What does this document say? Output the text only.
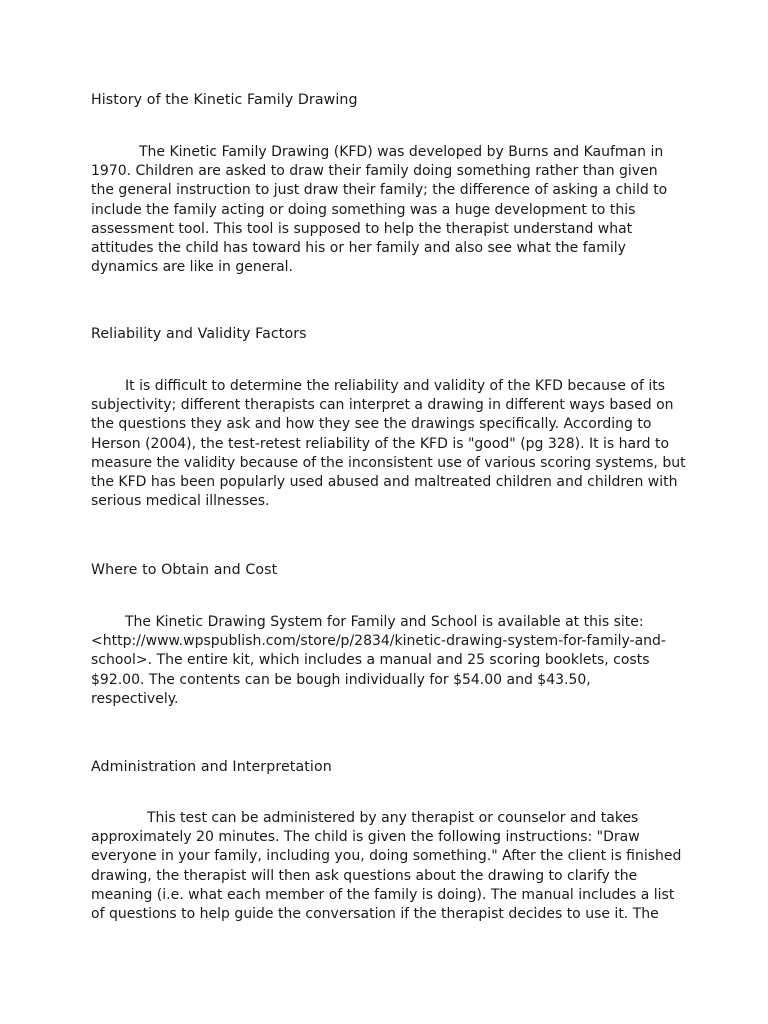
History of the Kinetic Family Drawing
The Kinetic Family Drawing (KFD) was developed by Burns and Kaufman in
1970. Children are asked to draw their family doing something rather than given
the general instruction to just draw their family; the difference of asking a child to
include the family acting or doing something was a huge development to this
assessment tool. This tool is supposed to help the therapist understand what
attitudes the child has toward his or her family and also see what the family
dynamics are like in general.
Reliability and Validity Factors
It is difficult to determine the reliability and validity of the KFD because of its
subjectivity; different therapists can interpret a drawing in different ways based on
the questions they ask and how they see the drawings specifically. According to
Herson (2004), the test-retest reliability of the KFD is "good" (pg 328). It is hard to
measure the validity because of the inconsistent use of various scoring systems, but
the KFD has been popularly used abused and maltreated children and children with
serious medical illnesses.
Where to Obtain and Cost
The Kinetic Drawing System for Family and School is available at this site:
<http://www.wpspublish.com/store/p/2834/kinetic-drawing-system-for-family-and-
school>. The entire kit, which includes a manual and 25 scoring booklets, costs
$92.00. The contents can be bough individually for $54.00 and $43.50,
respectively.
Administration and Interpretation
This test can be administered by any therapist or counselor and takes
approximately 20 minutes. The child is given the following instructions: "Draw
everyone in your family, including you, doing something." After the client is finished
drawing, the therapist will then ask questions about the drawing to clarify the
meaning (i.e. what each member of the family is doing). The manual includes a list
of questions to help guide the conversation if the therapist decides to use it. The
